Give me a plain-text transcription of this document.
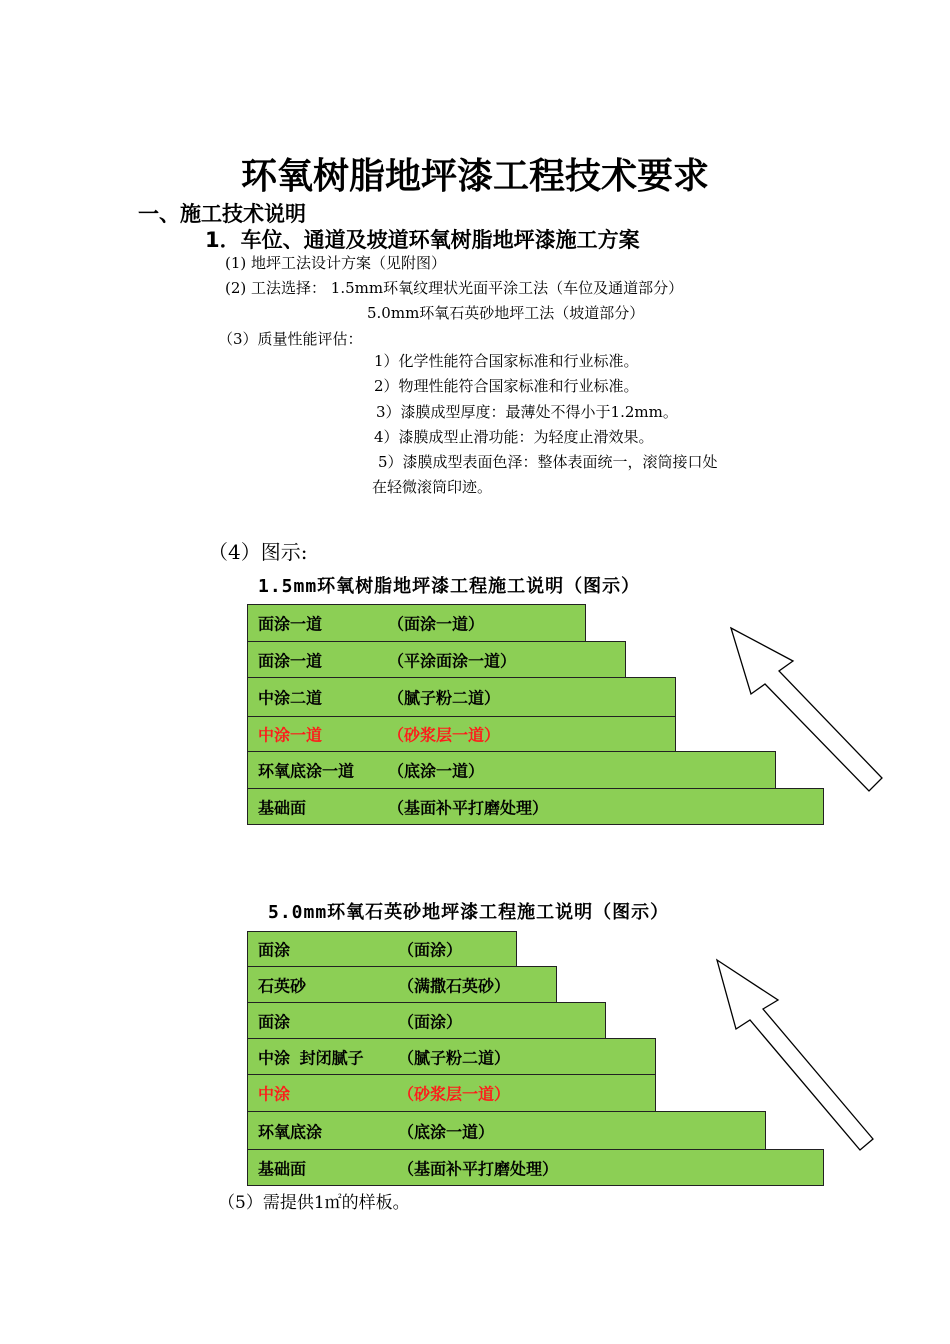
环氧树脂地坪漆工程技术要求
一、施工技术说明
1．车位、通道及坡道环氧树脂地坪漆施工方案
(1) 地坪工法设计方案（见附图）
(2) 工法选择： 1.5mm环氧纹理状光面平涂工法（车位及通道部分）
5.0mm环氧石英砂地坪工法（坡道部分）
（3）质量性能评估：
1）化学性能符合国家标准和行业标准。
2）物理性能符合国家标准和行业标准。
3）漆膜成型厚度：最薄处不得小于1.2mm。
4）漆膜成型止滑功能：为轻度止滑效果。
5）漆膜成型表面色泽：整体表面统一，滚筒接口处
在轻微滚筒印迹。
（4）图示:
1.5mm环氧树脂地坪漆工程施工说明（图示）
面涂一道	（面涂一道）
面涂一道	（平涂面涂一道）
中涂二道	（腻子粉二道）
中涂一道	（砂浆层一道）
环氧底涂一道 （底涂一道）
基础面	（基面补平打磨处理）
5.0mm环氧石英砂地坪漆工程施工说明（图示）
面涂	（面涂）
石英砂	（满撒石英砂）
面涂	（面涂）
中涂 封闭腻子 （腻子粉二道）
中涂	（砂浆层一道）
环氧底涂	（底涂一道）
基础面	（基面补平打磨处理）
（5）需提供1㎡的样板。
